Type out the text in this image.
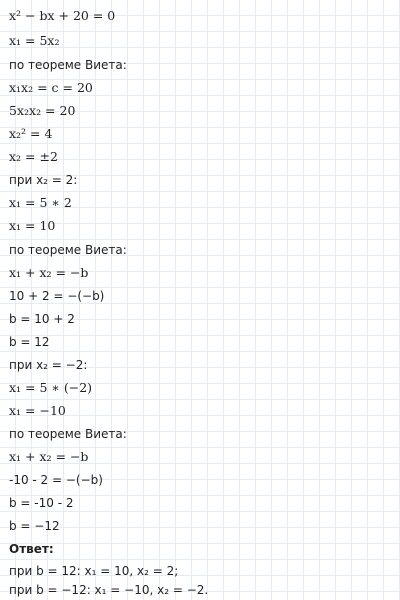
x² − bx + 20 = 0
x₁ = 5x₂
по теореме Виета:
x₁x₂ = c = 20
5x₂x₂ = 20
x₂² = 4
x₂ = ±2
при x₂ = 2:
x₁ = 5 ∗ 2
x₁ = 10
по теореме Виета:
x₁ + x₂ = −b
10 + 2 = −(−b)
b = 10 + 2
b = 12
при x₂ = −2:
x₁ = 5 ∗ (−2)
x₁ = −10
по теореме Виета:
x₁ + x₂ = −b
-10 - 2 = −(−b)
b = -10 - 2
b = −12
Ответ:
при b = 12: x₁ = 10, x₂ = 2;
при b = −12: x₁ = −10, x₂ = −2.
